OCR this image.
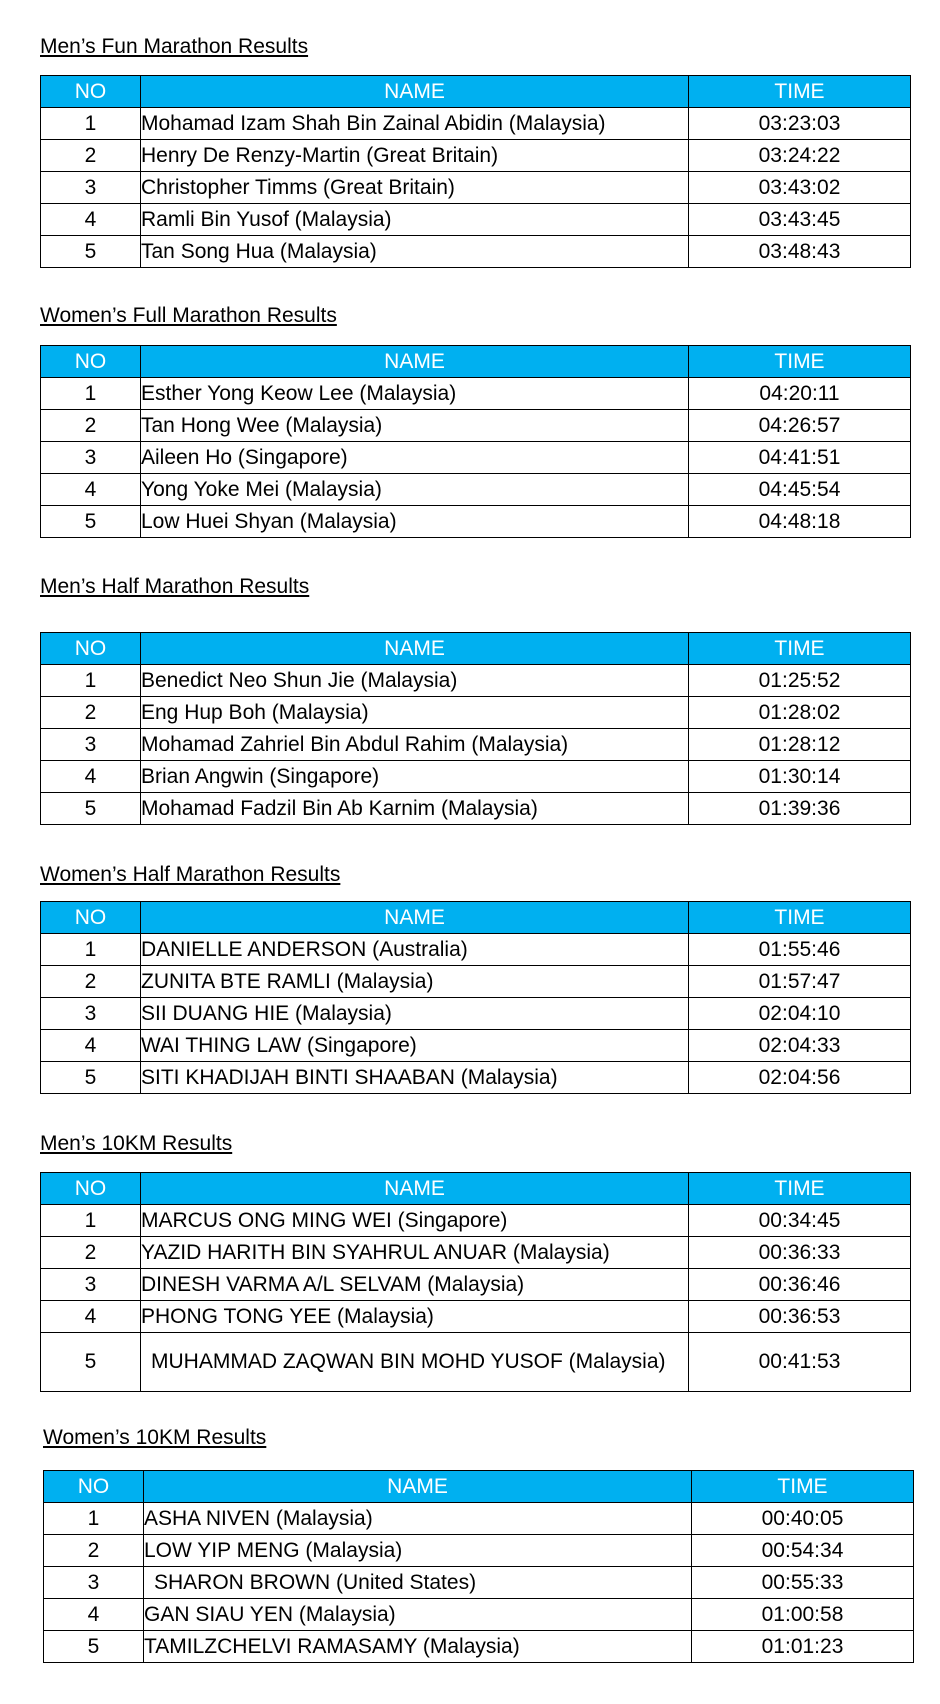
Men’s Fun Marathon Results

NO	NAME	TIME
1	Mohamad Izam Shah Bin Zainal Abidin (Malaysia)	03:23:03
2	Henry De Renzy-Martin (Great Britain)	03:24:22
3	Christopher Timms (Great Britain)	03:43:02
4	Ramli Bin Yusof (Malaysia)	03:43:45
5	Tan Song Hua (Malaysia)	03:48:43

Women’s Full Marathon Results

NO	NAME	TIME
1	Esther Yong Keow Lee (Malaysia)	04:20:11
2	Tan Hong Wee (Malaysia)	04:26:57
3	Aileen Ho (Singapore)	04:41:51
4	Yong Yoke Mei (Malaysia)	04:45:54
5	Low Huei Shyan (Malaysia)	04:48:18

Men’s Half Marathon Results

NO	NAME	TIME
1	Benedict Neo Shun Jie (Malaysia)	01:25:52
2	Eng Hup Boh (Malaysia)	01:28:02
3	Mohamad Zahriel Bin Abdul Rahim (Malaysia)	01:28:12
4	Brian Angwin (Singapore)	01:30:14
5	Mohamad Fadzil Bin Ab Karnim (Malaysia)	01:39:36

Women’s Half Marathon Results

NO	NAME	TIME
1	DANIELLE ANDERSON (Australia)	01:55:46
2	ZUNITA BTE RAMLI (Malaysia)	01:57:47
3	SII DUANG HIE (Malaysia)	02:04:10
4	WAI THING LAW (Singapore)	02:04:33
5	SITI KHADIJAH BINTI SHAABAN (Malaysia)	02:04:56

Men’s 10KM Results

NO	NAME	TIME
1	MARCUS ONG MING WEI (Singapore)	00:34:45
2	YAZID HARITH BIN SYAHRUL ANUAR (Malaysia)	00:36:33
3	DINESH VARMA A/L SELVAM (Malaysia)	00:36:46
4	PHONG TONG YEE (Malaysia)	00:36:53
5	MUHAMMAD ZAQWAN BIN MOHD YUSOF (Malaysia)	00:41:53

Women’s 10KM Results

NO	NAME	TIME
1	ASHA NIVEN (Malaysia)	00:40:05
2	LOW YIP MENG (Malaysia)	00:54:34
3	SHARON BROWN (United States)	00:55:33
4	GAN SIAU YEN (Malaysia)	01:00:58
5	TAMILZCHELVI RAMASAMY (Malaysia)	01:01:23
